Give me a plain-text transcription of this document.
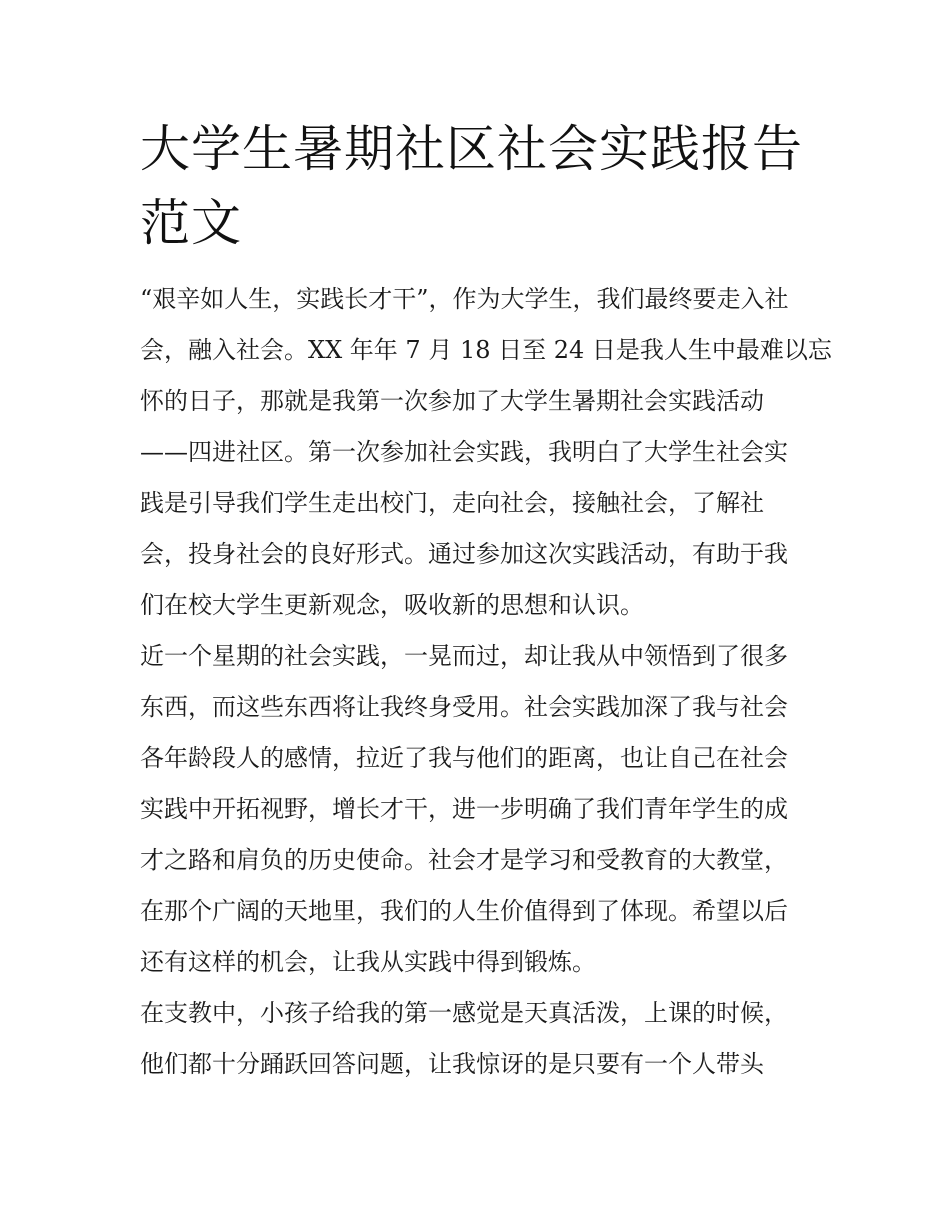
大学生暑期社区社会实践报告
范文
“艰辛如人生，实践长才干”，作为大学生，我们最终要走入社
会，融入社会。XX 年年 7 月 18 日至 24 日是我人生中最难以忘
怀的日子，那就是我第一次参加了大学生暑期社会实践活动
——四进社区。第一次参加社会实践，我明白了大学生社会实
践是引导我们学生走出校门，走向社会，接触社会，了解社
会，投身社会的良好形式。通过参加这次实践活动，有助于我
们在校大学生更新观念，吸收新的思想和认识。
近一个星期的社会实践，一晃而过，却让我从中领悟到了很多
东西，而这些东西将让我终身受用。社会实践加深了我与社会
各年龄段人的感情，拉近了我与他们的距离，也让自己在社会
实践中开拓视野，增长才干，进一步明确了我们青年学生的成
才之路和肩负的历史使命。社会才是学习和受教育的大教堂，
在那个广阔的天地里，我们的人生价值得到了体现。希望以后
还有这样的机会，让我从实践中得到锻炼。
在支教中，小孩子给我的第一感觉是天真活泼，上课的时候，
他们都十分踊跃回答问题，让我惊讶的是只要有一个人带头
